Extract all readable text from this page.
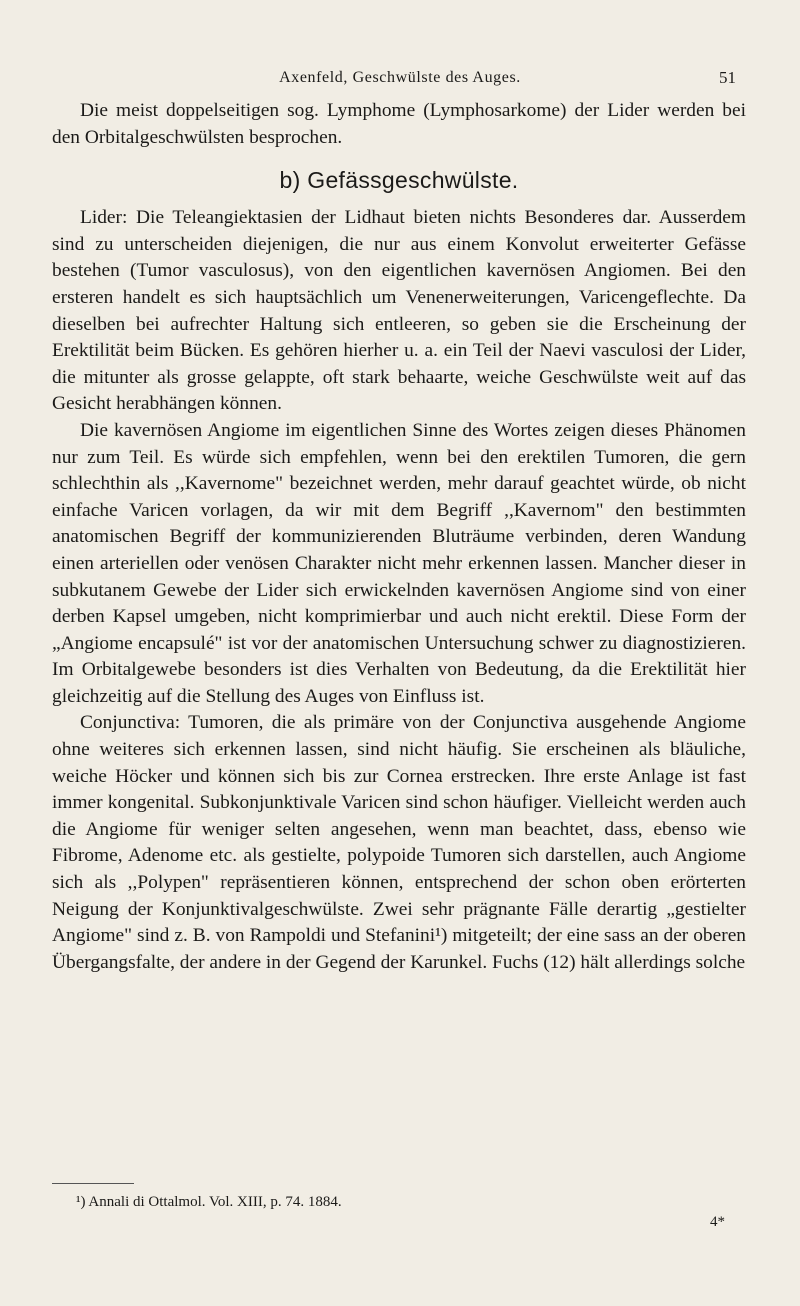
Axenfeld, Geschwülste des Auges.	51

Die meist doppelseitigen sog. Lymphome (Lymphosarkome) der Lider werden bei den Orbitalgeschwülsten besprochen.

b) Gefässgeschwülste.

Lider: Die Teleangiektasien der Lidhaut bieten nichts Besonderes dar. Ausserdem sind zu unterscheiden diejenigen, die nur aus einem Konvolut erweiterter Gefässe bestehen (Tumor vasculosus), von den eigentlichen kavernösen Angiomen. Bei den ersteren handelt es sich hauptsächlich um Venenerweiterungen, Varicengeflechte. Da dieselben bei aufrechter Haltung sich entleeren, so geben sie die Erscheinung der Erektilität beim Bücken. Es gehören hierher u. a. ein Teil der Naevi vasculosi der Lider, die mitunter als grosse gelappte, oft stark behaarte, weiche Geschwülste weit auf das Gesicht herabhängen können.

Die kavernösen Angiome im eigentlichen Sinne des Wortes zeigen dieses Phänomen nur zum Teil. Es würde sich empfehlen, wenn bei den erektilen Tumoren, die gern schlechthin als ,,Kavernome" bezeichnet werden, mehr darauf geachtet würde, ob nicht einfache Varicen vorlagen, da wir mit dem Begriff ,,Kavernom" den bestimmten anatomischen Begriff der kommunizierenden Bluträume verbinden, deren Wandung einen arteriellen oder venösen Charakter nicht mehr erkennen lassen. Mancher dieser in subkutanem Gewebe der Lider sich erwickelnden kavernösen Angiome sind von einer derben Kapsel umgeben, nicht komprimierbar und auch nicht erektil. Diese Form der „Angiome encapsulé" ist vor der anatomischen Untersuchung schwer zu diagnostizieren. Im Orbitalgewebe besonders ist dies Verhalten von Bedeutung, da die Erektilität hier gleichzeitig auf die Stellung des Auges von Einfluss ist.

Conjunctiva: Tumoren, die als primäre von der Conjunctiva ausgehende Angiome ohne weiteres sich erkennen lassen, sind nicht häufig. Sie erscheinen als bläuliche, weiche Höcker und können sich bis zur Cornea erstrecken. Ihre erste Anlage ist fast immer kongenital. Subkonjunktivale Varicen sind schon häufiger. Vielleicht werden auch die Angiome für weniger selten angesehen, wenn man beachtet, dass, ebenso wie Fibrome, Adenome etc. als gestielte, polypoide Tumoren sich darstellen, auch Angiome sich als ,,Polypen" repräsentieren können, entsprechend der schon oben erörterten Neigung der Konjunktivalgeschwülste. Zwei sehr prägnante Fälle derartig „gestielter Angiome" sind z. B. von Rampoldi und Stefanini¹) mitgeteilt; der eine sass an der oberen Übergangsfalte, der andere in der Gegend der Karunkel. Fuchs (12) hält allerdings solche

¹) Annali di Ottalmol. Vol. XIII, p. 74. 1884.
4*
